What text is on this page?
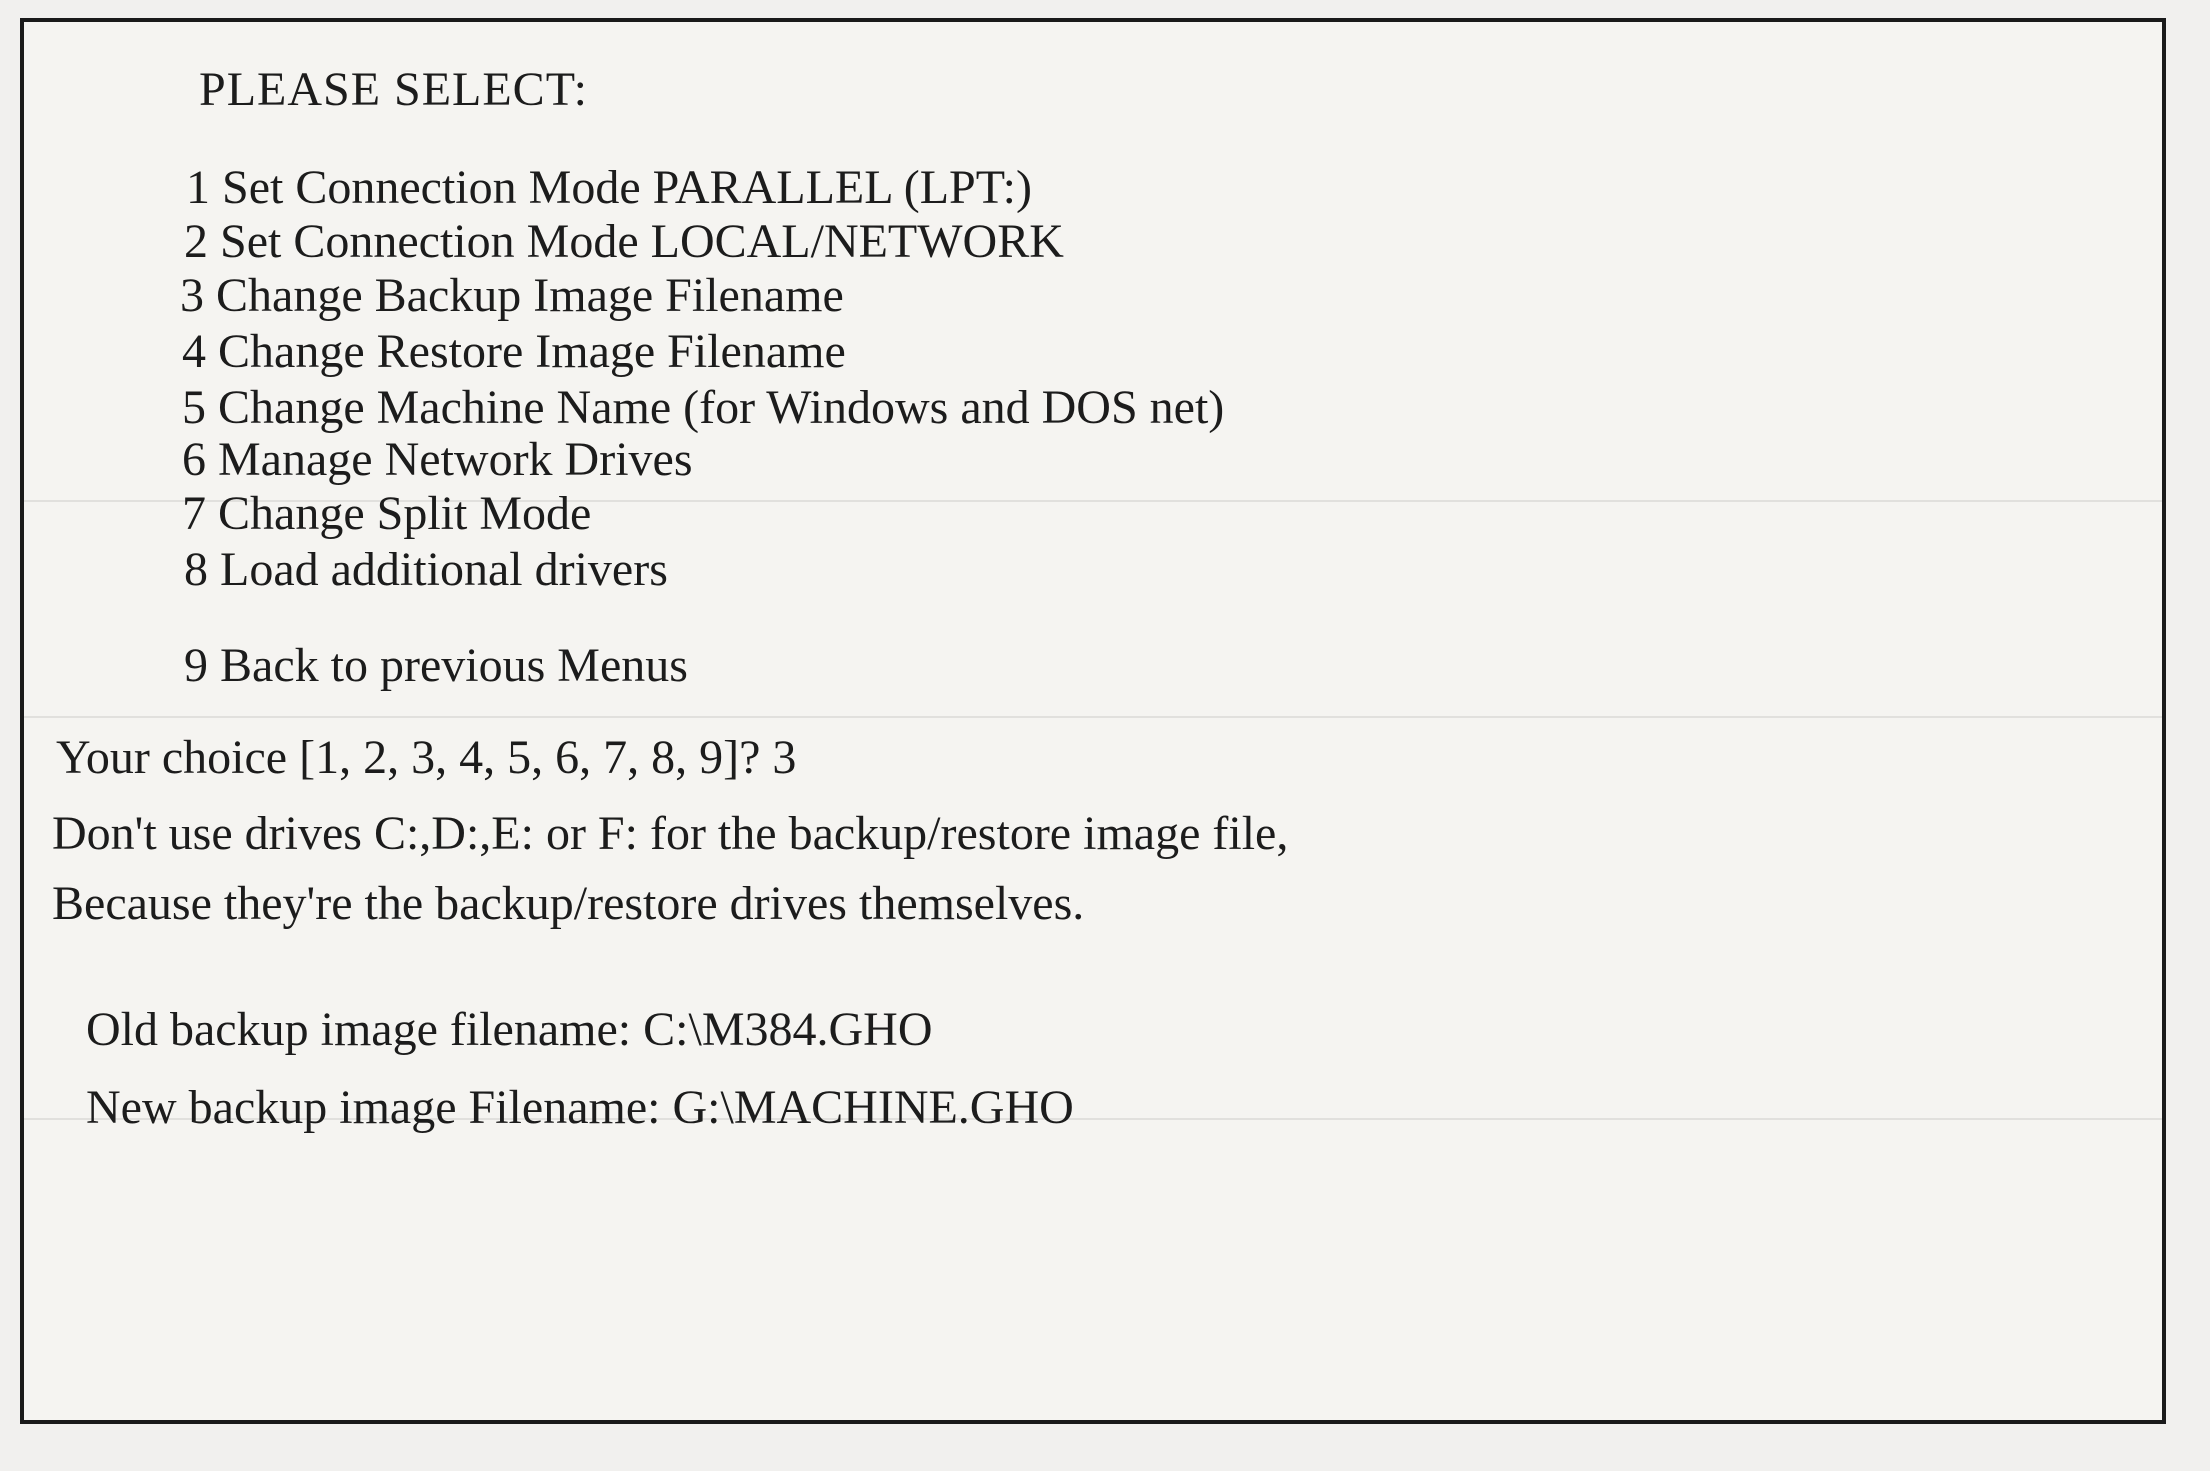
PLEASE SELECT:
1 Set Connection Mode PARALLEL (LPT:)
2 Set Connection Mode LOCAL/NETWORK
3 Change Backup Image Filename
4 Change Restore Image Filename
5 Change Machine Name (for Windows and DOS net)
6 Manage Network Drives
7 Change Split Mode
8 Load additional drivers
9 Back to previous Menus
Your choice [1, 2, 3, 4, 5, 6, 7, 8, 9]? 3
Don't use drives C:,D:,E: or F: for the backup/restore image file,
Because they're the backup/restore drives themselves.
Old backup image filename: C:\M384.GHO
New backup image Filename: G:\MACHINE.GHO
